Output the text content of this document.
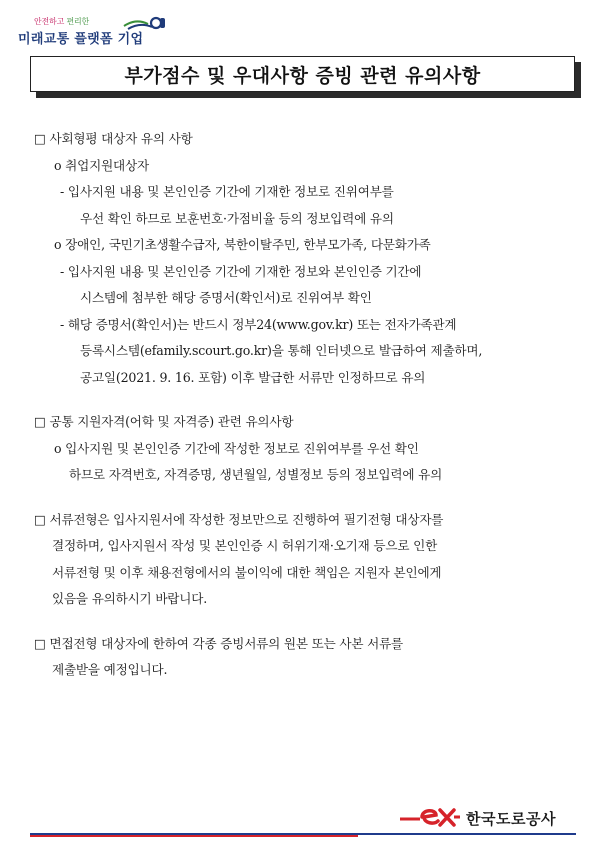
안전하고 편리한
미래교통 플랫폼 기업
부가점수 및 우대사항 증빙 관련 유의사항
□ 사회형평 대상자 유의 사항
o 취업지원대상자
- 입사지원 내용 및 본인인증 기간에 기재한 정보로 진위여부를
우선 확인 하므로 보훈번호·가점비율 등의 정보입력에 유의
o 장애인, 국민기초생활수급자, 북한이탈주민, 한부모가족, 다문화가족
- 입사지원 내용 및 본인인증 기간에 기재한 정보와 본인인증 기간에
시스템에 첨부한 해당 증명서(확인서)로 진위여부 확인
- 해당 증명서(확인서)는 반드시 정부24(www.gov.kr) 또는 전자가족관계
등록시스템(efamily.scourt.go.kr)을 통해 인터넷으로 발급하여 제출하며,
공고일(2021. 9. 16. 포함) 이후 발급한 서류만 인정하므로 유의
□ 공통 지원자격(어학 및 자격증) 관련 유의사항
o 입사지원 및 본인인증 기간에 작성한 정보로 진위여부를 우선 확인
하므로 자격번호, 자격증명, 생년월일, 성별정보 등의 정보입력에 유의
□ 서류전형은 입사지원서에 작성한 정보만으로 진행하여 필기전형 대상자를
결정하며, 입사지원서 작성 및 본인인증 시 허위기재·오기재 등으로 인한
서류전형 및 이후 채용전형에서의 불이익에 대한 책임은 지원자 본인에게
있음을 유의하시기 바랍니다.
□ 면접전형 대상자에 한하여 각종 증빙서류의 원본 또는 사본 서류를
제출받을 예정입니다.
한국도로공사
